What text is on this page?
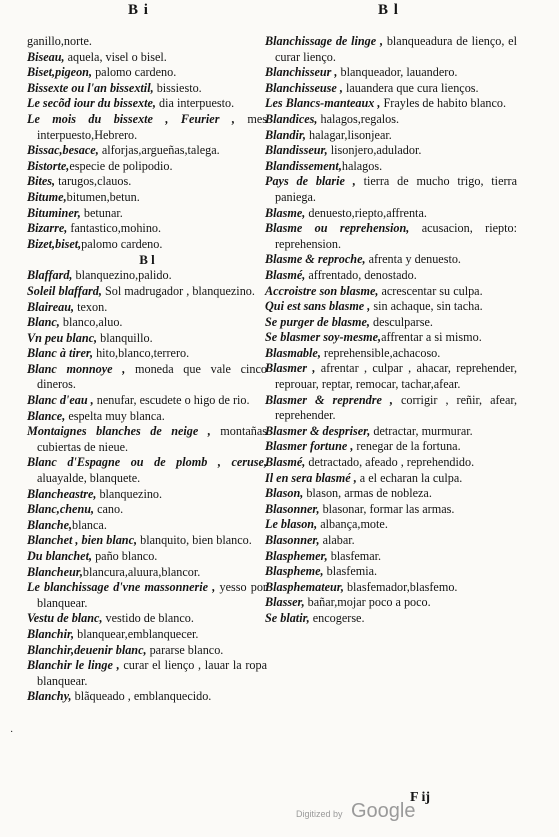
B i	B l
ganillo,norte.
Biseau, aquela, visel o bisel.
Biset,pigeon, palomo cardeno.
Bissexte ou l'an bissextil, bissiesto.
Le secõd iour du bissexte, dia interpuesto.
Le mois du bissexte , Feurier , mes interpuesto,Hebrero.
Bissac,besace, alforjas,argueñas,talega.
Bistorte,especie de polipodio.
Bites, tarugos,clauos.
Bitume,bitumen,betun.
Bituminer, betunar.
Bizarre, fantastico,mohino.
Bizet,biset,palomo cardeno.
B l
Blaffard, blanquezino,palido.
Soleil blaffard, Sol madrugador , blanquezino.
Blaireau, texon.
Blanc, blanco,aluo.
Vn peu blanc, blanquillo.
Blanc à tirer, hito,blanco,terrero.
Blanc monnoye , moneda que vale cinco dineros.
Blanc d'eau , nenufar, escudete o higo de rio.
Blance, espelta muy blanca.
Montaignes blanches de neige , montañas cubiertas de nieue.
Blanc d'Espagne ou de plomb , ceruse, aluayalde, blanquete.
Blancheastre, blanquezino.
Blanc,chenu, cano.
Blanche,blanca.
Blanchet , bien blanc, blanquito, bien blanco.
Du blanchet, paño blanco.
Blancheur,blancura,aluura,blancor.
Le blanchissage d'vne massonnerie , yesso por blanquear.
Vestu de blanc, vestido de blanco.
Blanchir, blanquear,emblanquecer.
Blanchir,deuenir blanc, pararse blanco.
Blanchir le linge , curar el lienço , lauar la ropa blanquear.
Blanchy, blãqueado , emblanquecido.
Blanchissage de linge , blanqueadura de lienço, el curar lienço.
Blanchisseur , blanqueador, lauandero.
Blanchisseuse , lauandera que cura lienços.
Les Blancs-manteaux , Frayles de habito blanco.
Blandices, halagos,regalos.
Blandir, halagar,lisonjear.
Blandisseur, lisonjero,adulador.
Blandissement,halagos.
Pays de blarie , tierra de mucho trigo, tierra paniega.
Blasme, denuesto,riepto,affrenta.
Blasme ou reprehension, acusacion, riepto: reprehension.
Blasme & reproche, afrenta y denuesto.
Blasmé, affrentado, denostado.
Accroistre son blasme, acrescentar su culpa.
Qui est sans blasme , sin achaque, sin tacha.
Se purger de blasme, desculparse.
Se blasmer soy-mesme,affrentar a si mismo.
Blasmable, reprehensible,achacoso.
Blasmer , afrentar , culpar , ahacar, reprehender, reprouar, reptar, remocar, tachar,afear.
Blasmer & reprendre , corrigir , reñir, afear, reprehender.
Blasmer & despriser, detractar, murmurar.
Blasmer fortune , renegar de la fortuna.
Blasmé, detractado, afeado , reprehendido.
Il en sera blasmé , a el echaran la culpa.
Blason, blason, armas de nobleza.
Blasonner, blasonar, formar las armas.
Le blason, albança,mote.
Blasonner, alabar.
Blasphemer, blasfemar.
Blaspheme, blasfemia.
Blasphemateur, blasfemador,blasfemo.
Blasser, bañar,mojar poco a poco.
Se blatir, encogerse.
·
F ij
Digitized by Google
